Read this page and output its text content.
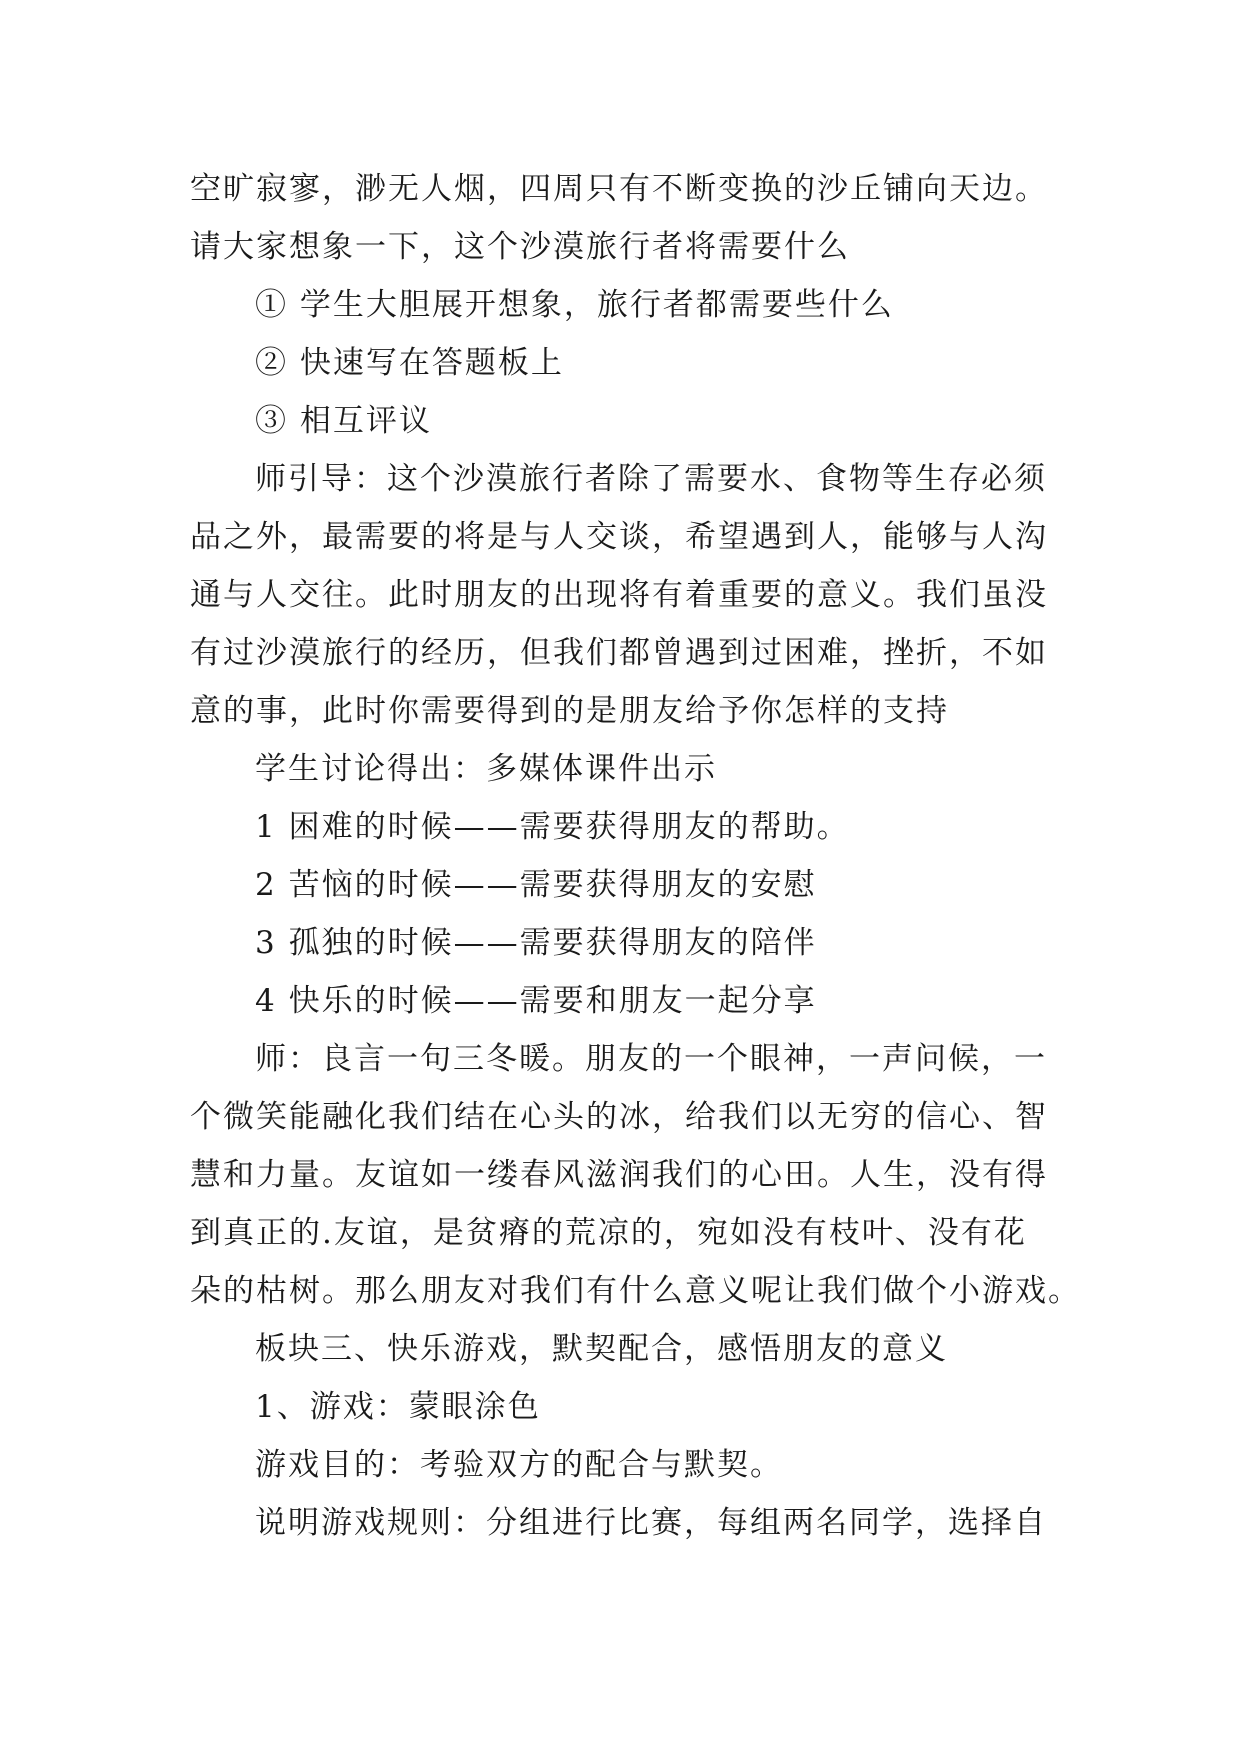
空旷寂寥，渺无人烟，四周只有不断变换的沙丘铺向天边。
请大家想象一下，这个沙漠旅行者将需要什么
① 学生大胆展开想象，旅行者都需要些什么
② 快速写在答题板上
③ 相互评议
师引导：这个沙漠旅行者除了需要水、食物等生存必须
品之外，最需要的将是与人交谈，希望遇到人，能够与人沟
通与人交往。此时朋友的出现将有着重要的意义。我们虽没
有过沙漠旅行的经历，但我们都曾遇到过困难，挫折，不如
意的事，此时你需要得到的是朋友给予你怎样的支持
学生讨论得出：多媒体课件出示
1 困难的时候——需要获得朋友的帮助。
2 苦恼的时候——需要获得朋友的安慰
3 孤独的时候——需要获得朋友的陪伴
4 快乐的时候——需要和朋友一起分享
师：良言一句三冬暖。朋友的一个眼神，一声问候，一
个微笑能融化我们结在心头的冰，给我们以无穷的信心、智
慧和力量。友谊如一缕春风滋润我们的心田。人生，没有得
到真正的.友谊，是贫瘠的荒凉的，宛如没有枝叶、没有花
朵的枯树。那么朋友对我们有什么意义呢让我们做个小游戏。
板块三、快乐游戏，默契配合，感悟朋友的意义
1、游戏：蒙眼涂色
游戏目的：考验双方的配合与默契。
说明游戏规则：分组进行比赛，每组两名同学，选择自
